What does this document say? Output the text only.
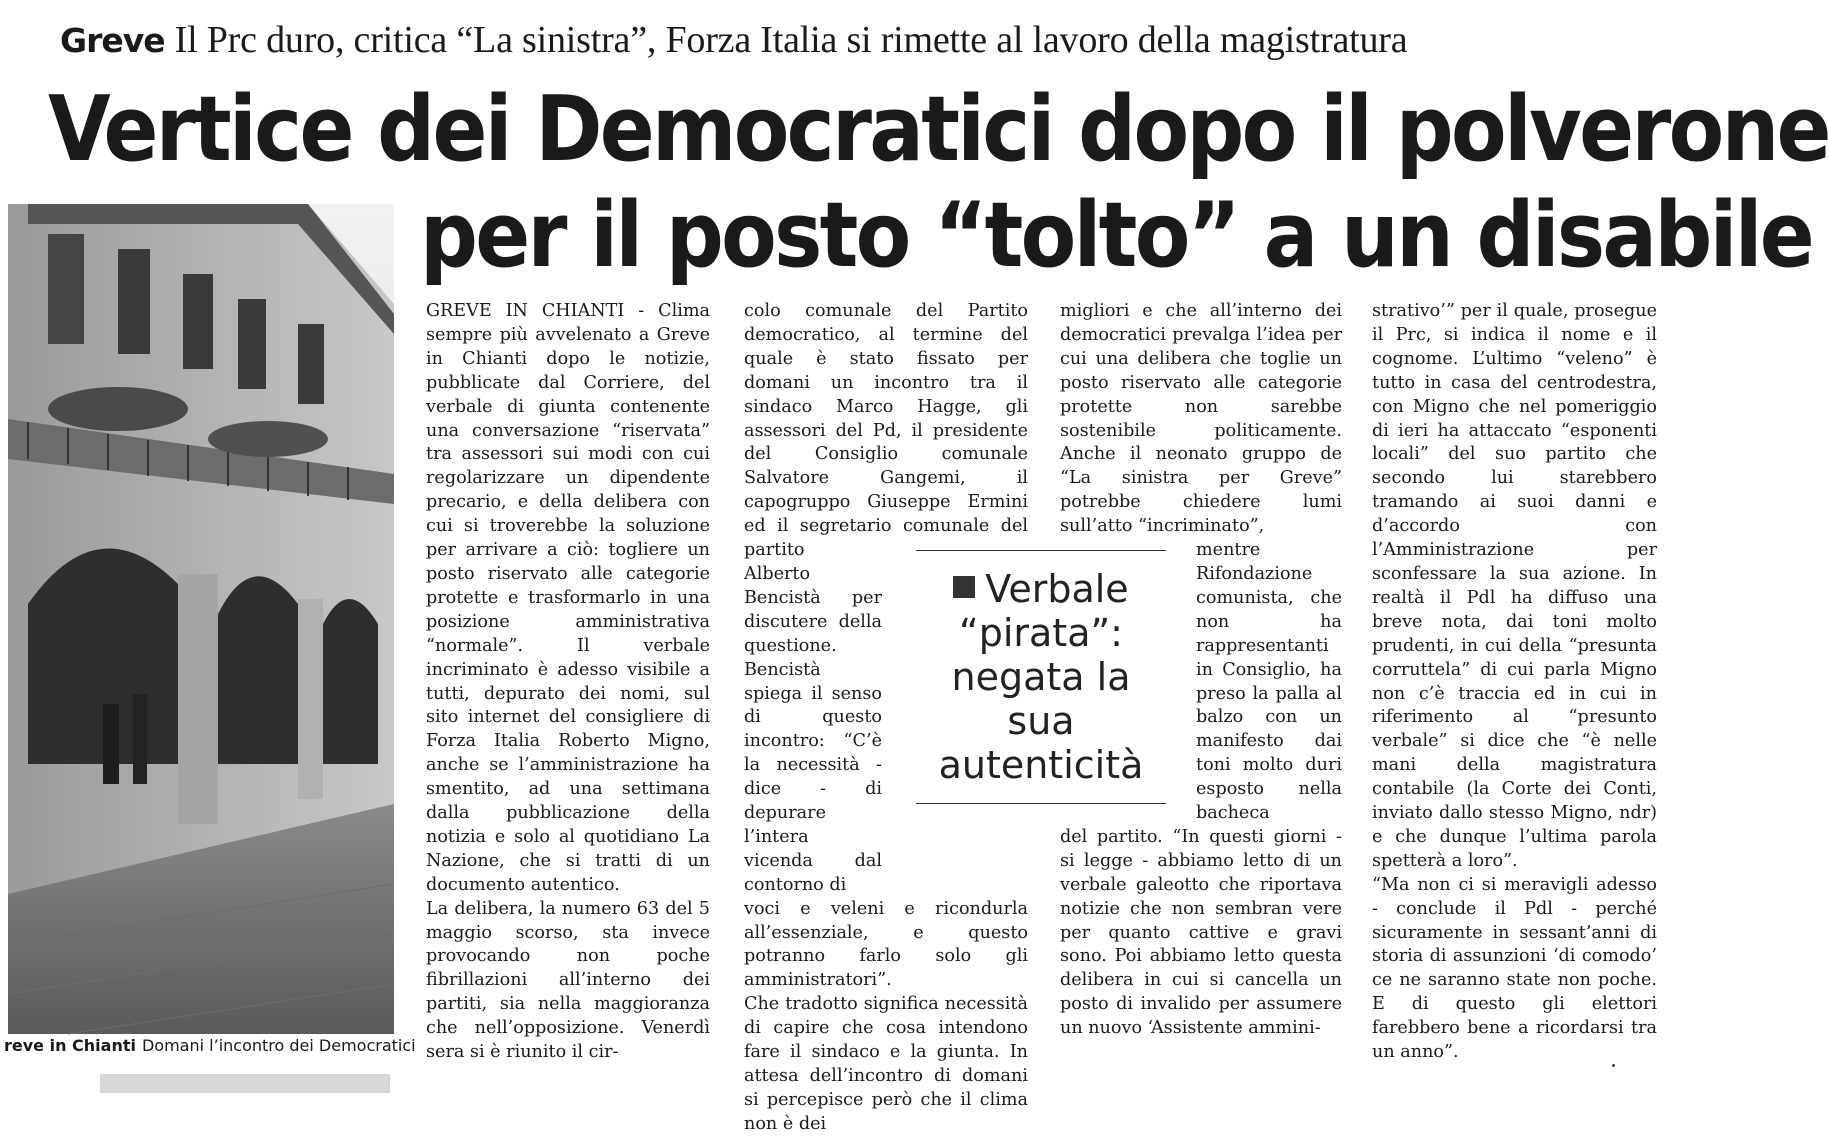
Greve Il Prc duro, critica “La sinistra”, Forza Italia si rimette al lavoro della magistratura
Vertice dei Democratici dopo il polverone
per il posto “tolto” a un disabile
reve in Chianti Domani l’incontro dei Democratici

GREVE IN CHIANTI - Clima sempre più avvelenato a Greve in Chianti dopo le notizie, pubblicate dal Corriere, del verbale di giunta contenente una conversazione “riservata” tra assessori sui modi con cui regolarizzare un dipendente precario, e della delibera con cui si troverebbe la soluzione per arrivare a ciò: togliere un posto riservato alle categorie protette e trasformarlo in una posizione amministrativa “normale”. Il verbale incriminato è adesso visibile a tutti, depurato dei nomi, sul sito internet del consigliere di Forza Italia Roberto Migno, anche se l’amministrazione ha smentito, ad una settimana dalla pubblicazione della notizia e solo al quotidiano La Nazione, che si tratti di un documento autentico.

La delibera, la numero 63 del 5 maggio scorso, sta invece provocando non poche fibrillazioni all’interno dei partiti, sia nella maggioranza che nell’opposizione. Venerdì sera si è riunito il cir-

colo comunale del Partito democratico, al termine del quale è stato fissato per domani un incontro tra il sindaco Marco Hagge, gli assessori del Pd, il presidente del Consiglio comunale Salvatore Gangemi, il capogruppo Giuseppe Ermini ed il segretario comunale del partito

Alberto Bencistà per discutere della questione. Bencistà spiega il senso di questo incontro: “C’è la necessità - dice - di depurare l’intera vicenda dal contorno di

voci e veleni e ricondurla all’essenziale, e questo potranno farlo solo gli amministratori”.

Che tradotto significa necessità di capire che cosa intendono fare il sindaco e la giunta. In attesa dell’incontro di domani si percepisce però che il clima non è dei

migliori e che all’interno dei democratici prevalga l’idea per cui una delibera che toglie un posto riservato alle categorie protette non sarebbe sostenibile politicamente. Anche il neonato gruppo de “La sinistra per Greve” potrebbe chiedere lumi sull’atto “incriminato”,

mentre Rifondazione comunista, che non ha rappresentanti in Consiglio, ha preso la palla al balzo con un manifesto dai toni molto duri esposto nella bacheca

del partito. “In questi giorni - si legge - abbiamo letto di un verbale galeotto che riportava notizie che non sembran vere per quanto cattive e gravi sono. Poi abbiamo letto questa delibera in cui si cancella un posto di invalido per assumere un nuovo ‘Assistente ammini-

strativo’” per il quale, prosegue il Prc, si indica il nome e il cognome. L’ultimo “veleno” è tutto in casa del centrodestra, con Migno che nel pomeriggio di ieri ha attaccato “esponenti locali” del suo partito che secondo lui starebbero tramando ai suoi danni e d’accordo con l’Amministrazione per sconfessare la sua azione. In realtà il Pdl ha diffuso una breve nota, dai toni molto prudenti, in cui della “presunta corruttela” di cui parla Migno non c’è traccia ed in cui in riferimento al “presunto verbale” si dice che “è nelle mani della magistratura contabile (la Corte dei Conti, inviato dallo stesso Migno, ndr) e che dunque l’ultima parola spetterà a loro”.

“Ma non ci si meravigli adesso - conclude il Pdl - perché sicuramente in sessant’anni di storia di assunzioni ‘di comodo’ ce ne saranno state non poche. E di questo gli elettori farebbero bene a ricordarsi tra un anno”.

Verbale “pirata”: negata la sua autenticità
